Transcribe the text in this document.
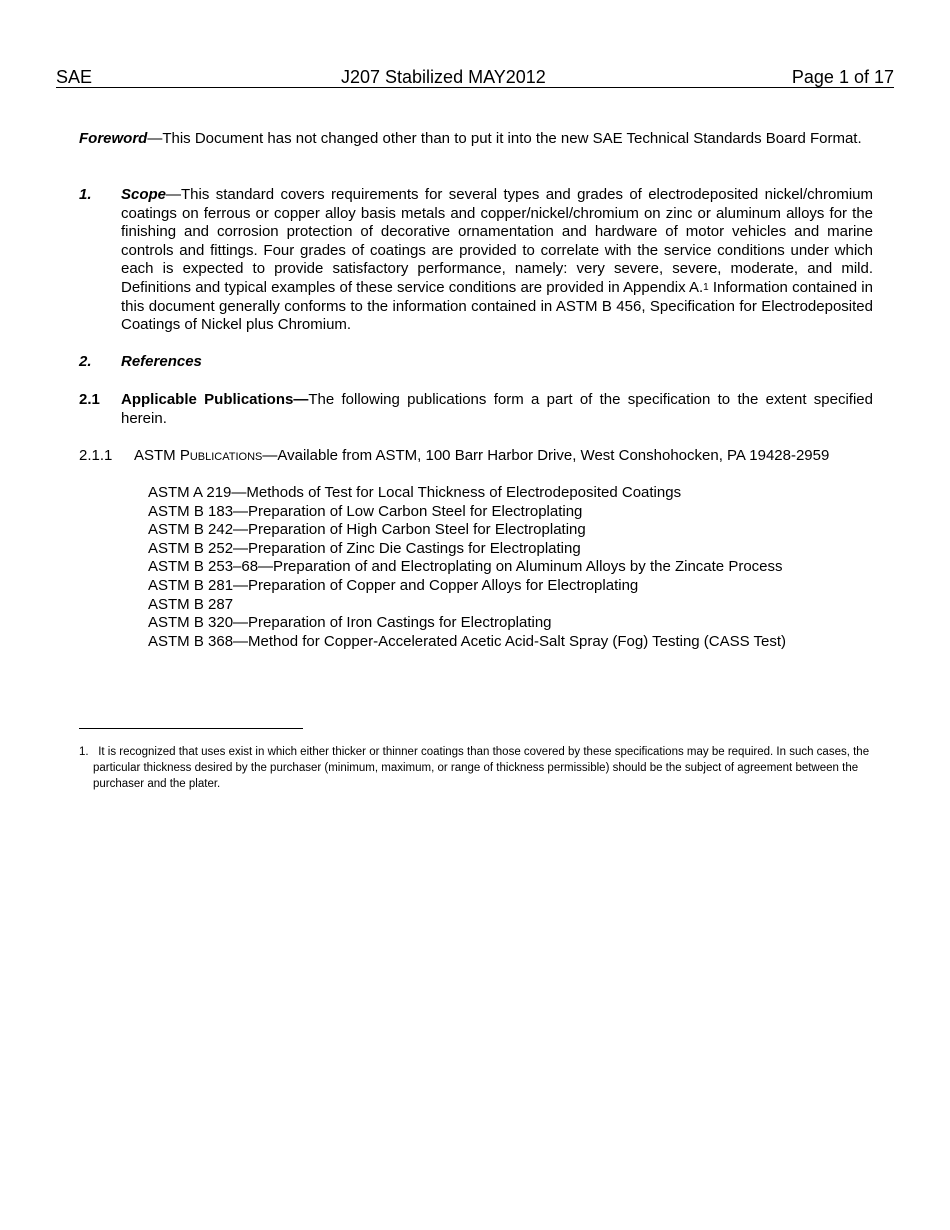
SAE	J207 Stabilized MAY2012	Page 1 of 17
Foreword—This Document has not changed other than to put it into the new SAE Technical Standards Board Format.
1. Scope—This standard covers requirements for several types and grades of electrodeposited nickel/chromium coatings on ferrous or copper alloy basis metals and copper/nickel/chromium on zinc or aluminum alloys for the finishing and corrosion protection of decorative ornamentation and hardware of motor vehicles and marine controls and fittings. Four grades of coatings are provided to correlate with the service conditions under which each is expected to provide satisfactory performance, namely: very severe, severe, moderate, and mild. Definitions and typical examples of these service conditions are provided in Appendix A.$^1$ Information contained in this document generally conforms to the information contained in ASTM B 456, Specification for Electrodeposited Coatings of Nickel plus Chromium.
2. References
2.1 Applicable Publications—The following publications form a part of the specification to the extent specified herein.
2.1.1 ASTM Publications—Available from ASTM, 100 Barr Harbor Drive, West Conshohocken, PA 19428-2959
ASTM A 219—Methods of Test for Local Thickness of Electrodeposited Coatings
ASTM B 183—Preparation of Low Carbon Steel for Electroplating
ASTM B 242—Preparation of High Carbon Steel for Electroplating
ASTM B 252—Preparation of Zinc Die Castings for Electroplating
ASTM B 253–68—Preparation of and Electroplating on Aluminum Alloys by the Zincate Process
ASTM B 281—Preparation of Copper and Copper Alloys for Electroplating
ASTM B 287
ASTM B 320—Preparation of Iron Castings for Electroplating
ASTM B 368—Method for Copper-Accelerated Acetic Acid-Salt Spray (Fog) Testing (CASS Test)
1. It is recognized that uses exist in which either thicker or thinner coatings than those covered by these specifications may be required. In such cases, the particular thickness desired by the purchaser (minimum, maximum, or range of thickness permissible) should be the subject of agreement between the purchaser and the plater.
